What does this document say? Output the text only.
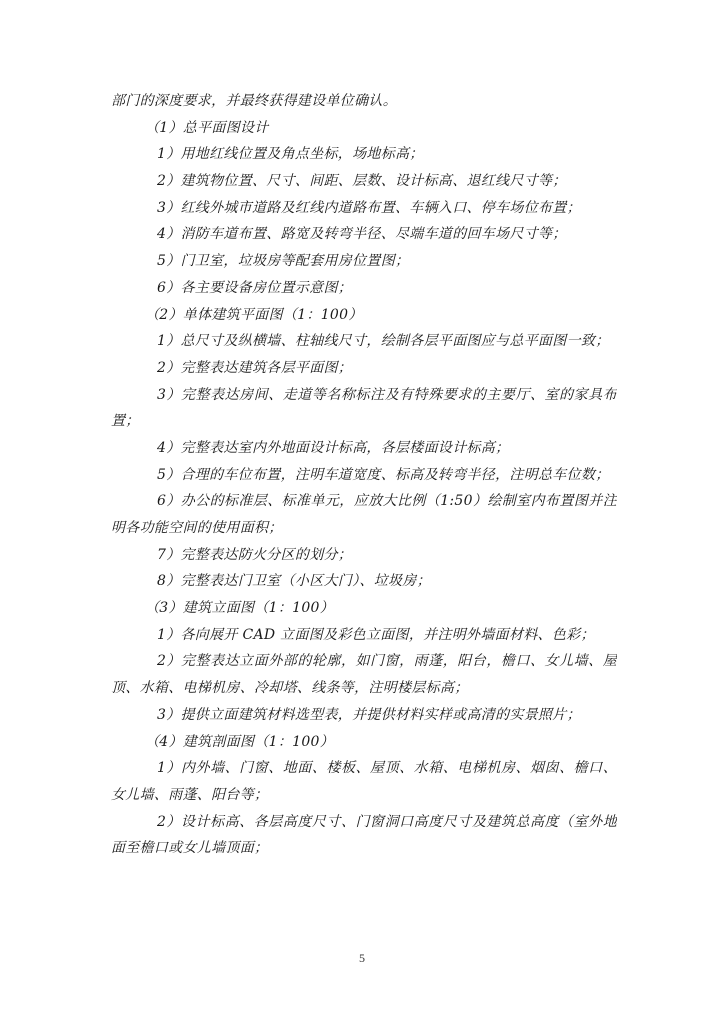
部门的深度要求，并最终获得建设单位确认。
（1）总平面图设计
1）用地红线位置及角点坐标，场地标高；
2）建筑物位置、尺寸、间距、层数、设计标高、退红线尺寸等；
3）红线外城市道路及红线内道路布置、车辆入口、停车场位布置；
4）消防车道布置、路宽及转弯半径、尽端车道的回车场尺寸等；
5）门卫室，垃圾房等配套用房位置图；
6）各主要设备房位置示意图；
（2）单体建筑平面图（1：100）
1）总尺寸及纵横墙、柱轴线尺寸，绘制各层平面图应与总平面图一致；
2）完整表达建筑各层平面图；
3）完整表达房间、走道等名称标注及有特殊要求的主要厅、室的家具布
置；
4）完整表达室内外地面设计标高，各层楼面设计标高；
5）合理的车位布置，注明车道宽度、标高及转弯半径，注明总车位数；
6）办公的标准层、标准单元，应放大比例（1:50）绘制室内布置图并注
明各功能空间的使用面积；
7）完整表达防火分区的划分；
8）完整表达门卫室（小区大门）、垃圾房；
（3）建筑立面图（1：100）
1）各向展开 CAD 立面图及彩色立面图，并注明外墙面材料、色彩；
2）完整表达立面外部的轮廓，如门窗，雨蓬，阳台，檐口、女儿墙、屋
顶、水箱、电梯机房、冷却塔、线条等，注明楼层标高；
3）提供立面建筑材料选型表，并提供材料实样或高清的实景照片；
（4）建筑剖面图（1：100）
1）内外墙、门窗、地面、楼板、屋顶、水箱、电梯机房、烟囱、檐口、
女儿墙、雨蓬、阳台等；
2）设计标高、各层高度尺寸、门窗洞口高度尺寸及建筑总高度（室外地
面至檐口或女儿墙顶面；
5
